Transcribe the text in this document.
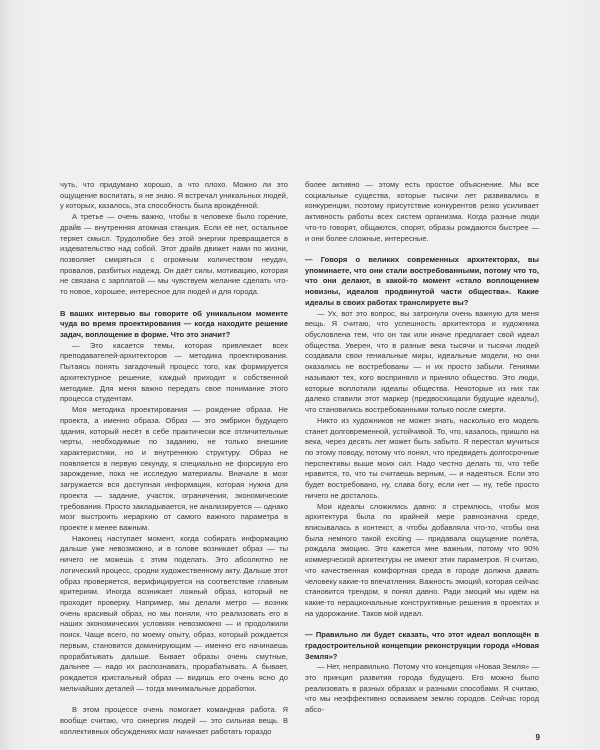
чуть, что придумано хорошо, а что плохо. Можно ли это ощущение воспитать, я не знаю. Я встречал уникальных людей, у которых, казалось, эта способность была врождённой.

А третье — очень важно, чтобы в человеке было горение, драйв — внутренняя атомная станция. Если её нет, остальное теряет смысл. Трудолюбие без этой энергии превращается в издевательство над собой. Этот драйв движет нами по жизни, позволяет смиряться с огромным количеством неудач, провалов, разбитых надежд. Он даёт силы, мотивацию, которая не связана с зарплатой — мы чувствуем желание сделать что-то новое, хорошее, интересное для людей и для города.

В ваших интервью вы говорите об уникальном моменте чуда во время проектирования — когда находите решение задач, воплощение в форме. Что это значит?

— Это касается темы, которая привлекает всех преподавателей-архитекторов — методика проектирования. Пытаясь понять загадочный процесс того, как формируется архитектурное решение, каждый приходит к собственной методике. Для меня важно передать свое понимание этого процесса студентам.

Моя методика проектирования — рождение образа. Не проекта, а именно образа. Образ — это эмбрион будущего здания, который несёт в себе практически все отличительные черты, необходимые по заданию, не только внешние характеристики, но и внутреннюю структуру. Образ не появляется в первую секунду, я специально не форсирую его зарождение, пока не исследую материалы. Вначале в мозг загружается вся доступная информация, которая нужна для проекта — задание, участок, ограничения, экономические требования. Просто закладывается, не анализируется — однако мозг выстроить иерархию от самого важного параметра в проекте к менее важным.

Наконец наступает момент, когда собирать информацию дальше уже невозможно, и в голове возникает образ — ты ничего не можешь с этим поделать. Это абсолютно не логический процесс, сродни художественному акту. Дальше этот образ проверяется, верифицируется на соответствие главным критериям. Иногда возникает ложный образ, который не проходит проверку. Например, мы делали метро — возник очень красивый образ, но мы поняли, что реализовать его в наших экономических условиях невозможно — и продолжили поиск. Чаще всего, по моему опыту, образ, который рождается первым, становится доминирующим — именно его начинаешь прорабатывать дальше. Бывает образы очень смутные, дальнее — надо их распознавать, прорабатывать. А бывает, рождается кристальный образ — видишь его очень ясно до мельчайших деталей — тогда минимальные доработки.

В этом процессе очень помогает командная работа. Я вообще считаю, что синергия людей — это сильная вещь. В коллективных обсуждениях мозг начинает работать гораздо

более активно — этому есть простое объяснение. Мы все социальные существа, которые тысячи лет развивались в конкуренции, поэтому присутствие конкурентов резко усиливает активность работы всех систем организма. Когда разные люди что-то говорят, общаются, спорят, образы рождаются быстрее — и они более сложные, интересные.

— Говоря о великих современных архитекторах, вы упоминаете, что они стали востребованными, потому что то, что они делают, в какой-то момент «стало воплощением новизны, идеалов продвинутой части общества». Какие идеалы в своих работах транслируете вы?

— Ух, вот это вопрос, вы затронули очень важную для меня вещь. Я считаю, что успешность архитектора и художника обусловлена тем, что он так или иначе предлагает свой идеал общества. Уверен, что в разные века тысячи и тысячи людей создавали свои гениальные миры, идеальные модели, но они оказались не востребованы — и их просто забыли. Гениями называют тех, кого восприняло и приняло общество. Это люди, которые воплотили идеалы общества. Некоторые из них так далеко ставили этот маркер (предвосхищали будущие идеалы), что становились востребованными только после смерти.

Никто из художников не может знать, насколько его модель станет долговременной, устойчивой. То, что, казалось, пришло на века, через десять лет может быть забыто. Я перестал мучиться по этому поводу, потому что понял, что предвидеть долгосрочные перспективы выше моих сил. Надо честно делать то, что тебе нравится, то, что ты считаешь верным, — и надеяться. Если это будет востребовано, ну, слава богу, если нет — ну, тебе просто ничего не досталось.

Мои идеалы сложились давно: я стремлюсь, чтобы моя архитектура была по крайней мере равнозначна среде, вписывалась в контекст, а чтобы добавляла что-то, чтобы она была немного такой exciting — придавала ощущение полёта, рождала эмоцию. Это кажется мне важным, потому что 90% коммерческой архитектуры не имеют этих параметров. Я считаю, что качественная комфортная среда в городе должна давать человеку какие-то впечатления. Важность эмоций, которая сейчас становится трендом, я понял давно. Ради эмоций мы идём на какие-то нерациональные конструктивные решения в проектах и на удорожание. Таков мой идеал.

— Правильно ли будет сказать, что этот идеал воплощён в градостроительной концепции реконструкции города «Новая Земля»?

— Нет, неправильно. Потому что концепция «Новая Земля» — это принцип развития города будущего. Его можно было реализовать в разных образах и разными способами. Я считаю, что мы неэффективно осваиваем землю городов. Сейчас город абсо-

9
